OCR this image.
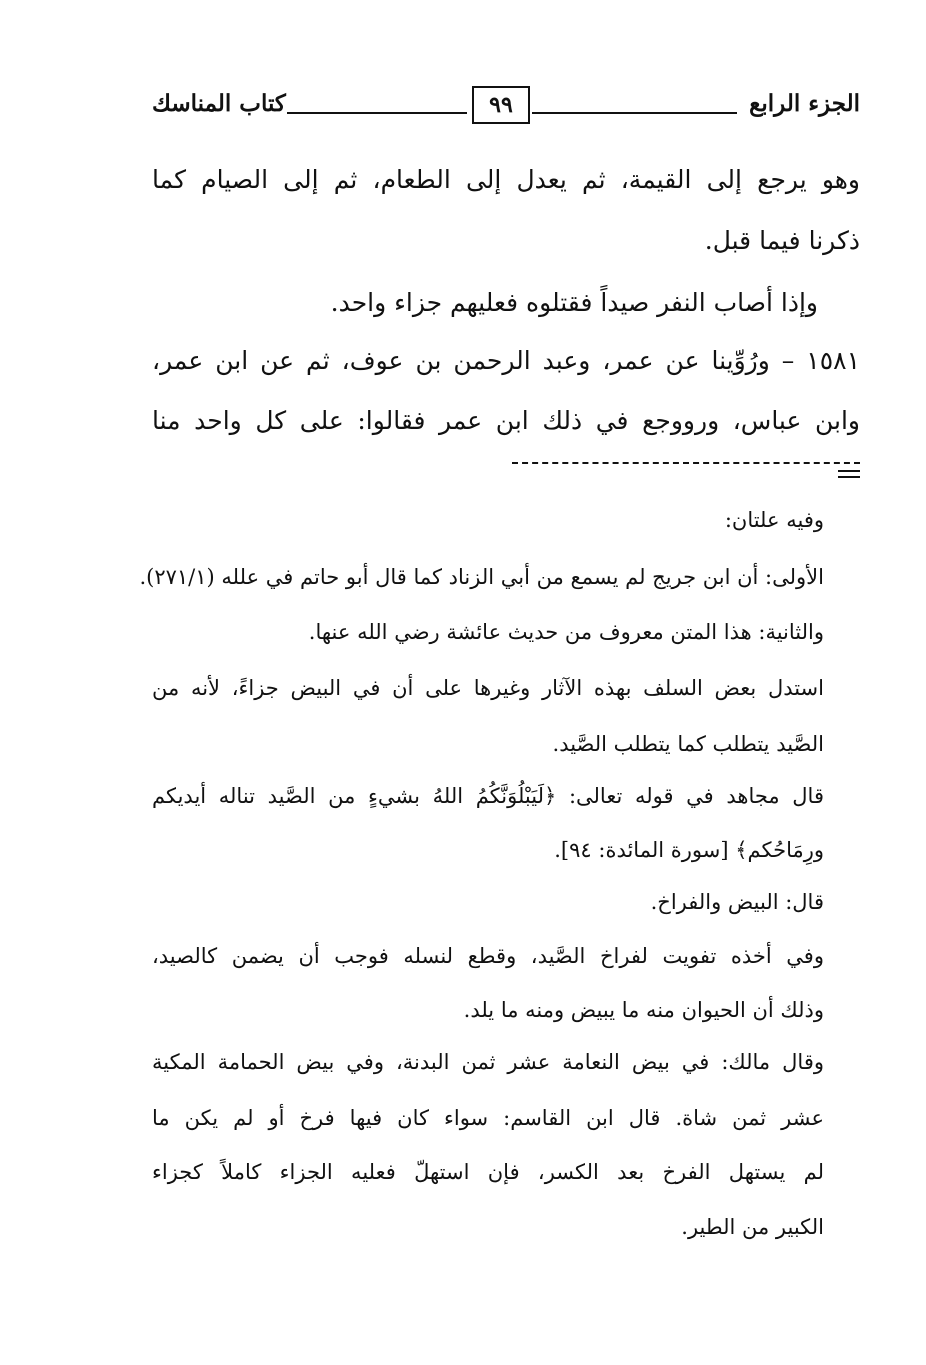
الجزء الرابع
٩٩
كتاب المناسك
وهو يرجع إلى القيمة، ثم يعدل إلى الطعام، ثم إلى الصيام كما
ذكرنا فيما قبل.
وإذا أصاب النفر صيداً فقتلوه فعليهم جزاء واحد.
١٥٨١ – ورُوِّينا عن عمر، وعبد الرحمن بن عوف، ثم عن ابن عمر،
وابن عباس، ورووجع في ذلك ابن عمر فقالوا: على كل واحد منا
وفيه علتان:
الأولى: أن ابن جريج لم يسمع من أبي الزناد كما قال أبو حاتم في علله (٢٧١/١).
والثانية: هذا المتن معروف من حديث عائشة رضي الله عنها.
استدل بعض السلف بهذه الآثار وغيرها على أن في البيض جزاءً، لأنه من
الصَّيد يتطلب كما يتطلب الصَّيد.
قال مجاهد في قوله تعالى: ﴿لَيَبْلُوَنَّكُمُ اللهُ بشيءٍ من الصَّيد تناله أيديكم
ورِمَاحُكم﴾ [سورة المائدة: ٩٤].
قال: البيض والفراخ.
وفي أخذه تفويت لفراخ الصَّيد، وقطع لنسله فوجب أن يضمن كالصيد،
وذلك أن الحيوان منه ما يبيض ومنه ما يلد.
وقال مالك: في بيض النعامة عشر ثمن البدنة، وفي بيض الحمامة المكية
عشر ثمن شاة. قال ابن القاسم: سواء كان فيها فرخ أو لم يكن ما
لم يستهل الفرخ بعد الكسر، فإن استهلّ فعليه الجزاء كاملاً كجزاء
الكبير من الطير.
